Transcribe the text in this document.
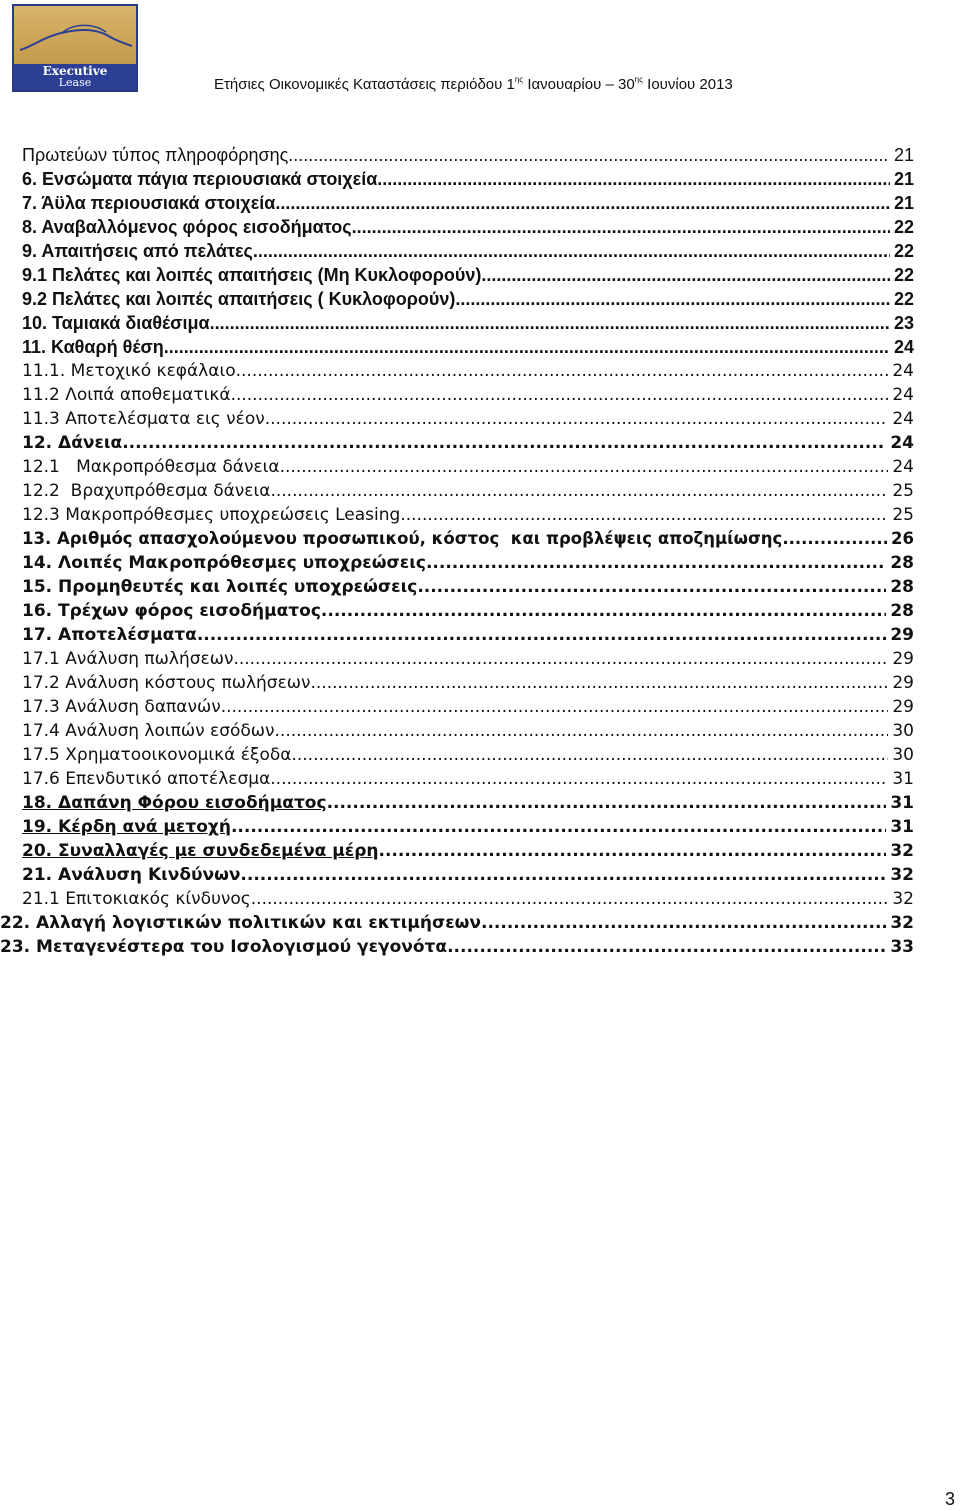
Executive
Lease	Ετήσιες Οικονομικές Καταστάσεις περιόδου $1^{\eta\varsigma}$ Ιανουαρίου – $30^{\eta\varsigma}$ Ιουνίου 2013
Πρωτεύων τύπος πληροφόρησης .....	21
6. Ενσώματα πάγια περιουσιακά στοιχεία .....	21
7. Άϋλα περιουσιακά στοιχεία .....	21
8. Αναβαλλόμενος φόρος εισοδήματος .....	22
9. Απαιτήσεις από πελάτες .....	22
9.1 Πελάτες και λοιπές απαιτήσεις (Μη Κυκλοφορούν) .....	22
9.2 Πελάτες και λοιπές απαιτήσεις ( Κυκλοφορούν) .....	22
10. Ταμιακά διαθέσιμα .....	23
11. Καθαρή θέση .....	24
11.1. Μετοχικό κεφάλαιο .....	24
11.2 Λοιπά αποθεματικά .....	24
11.3 Αποτελέσματα εις νέον .....	24
12. Δάνεια .....	24
12.1   Μακροπρόθεσμα δάνεια .....	24
12.2  Βραχυπρόθεσμα δάνεια .....	25
12.3 Μακροπρόθεσμες υποχρεώσεις Leasing .....	25
13. Αριθμός απασχολούμενου προσωπικού, κόστος  και προβλέψεις αποζημίωσης .....	26
14. Λοιπές Μακροπρόθεσμες υποχρεώσεις .....	28
15. Προμηθευτές και λοιπές υποχρεώσεις .....	28
16. Τρέχων φόρος εισοδήματος .....	28
17. Αποτελέσματα .....	29
17.1 Ανάλυση πωλήσεων .....	29
17.2 Ανάλυση κόστους πωλήσεων .....	29
17.3 Ανάλυση δαπανών .....	29
17.4 Ανάλυση λοιπών εσόδων .....	30
17.5 Χρηματοοικονομικά έξοδα .....	30
17.6 Επενδυτικό αποτέλεσμα .....	31
18. Δαπάνη Φόρου εισοδήματος .....	31
19. Κέρδη ανά μετοχή .....	31
20. Συναλλαγές με συνδεδεμένα μέρη .....	32
21. Ανάλυση Κινδύνων .....	32
21.1 Επιτοκιακός κίνδυνος .....	32
22. Αλλαγή λογιστικών πολιτικών και εκτιμήσεων .....	32
23. Μεταγενέστερα του Ισολογισμού γεγονότα .....	33
3
